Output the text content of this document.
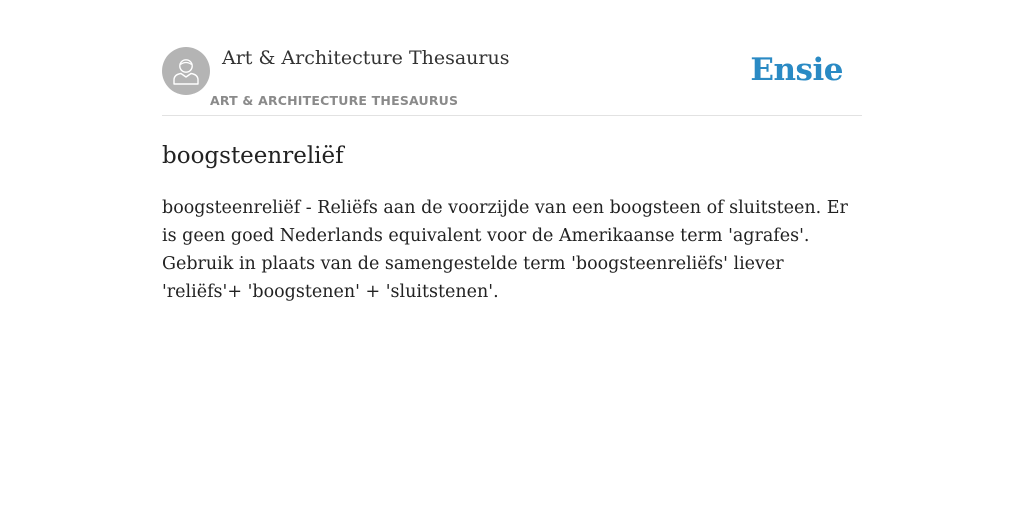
Art & Architecture Thesaurus
ART & ARCHITECTURE THESAURUS
Ensie
boogsteenreliëf

boogsteenreliëf - Reliëfs aan de voorzijde van een boogsteen of sluitsteen. Er is geen goed Nederlands equivalent voor de Amerikaanse term 'agrafes'. Gebruik in plaats van de samengestelde term 'boogsteenreliëfs' liever 'reliëfs'+ 'boogstenen' + 'sluitstenen'.
